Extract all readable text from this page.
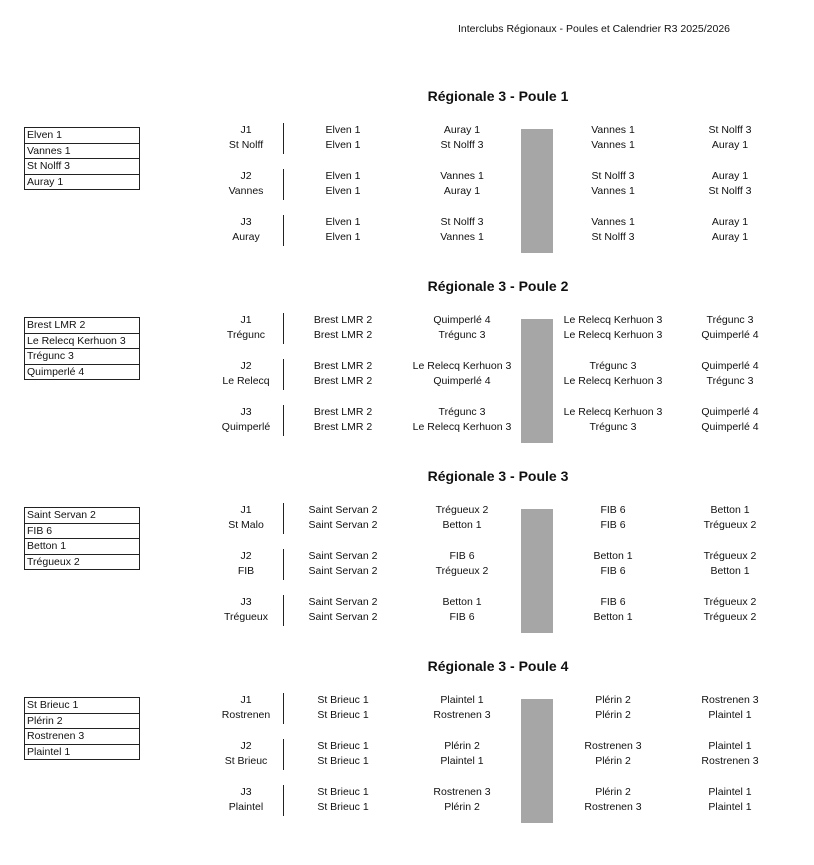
Interclubs Régionaux - Poules et Calendrier R3 2025/2026
Régionale 3 - Poule 1
Elven 1
Vannes 1
St Nolff 3
Auray 1
J1
St Nolff
Elven 1
Elven 1
Auray 1
St Nolff 3
Vannes 1
Vannes 1
St Nolff 3
Auray 1
J2
Vannes
Elven 1
Elven 1
Vannes 1
Auray 1
St Nolff 3
Vannes 1
Auray 1
St Nolff 3
J3
Auray
Elven 1
Elven 1
St Nolff 3
Vannes 1
Vannes 1
St Nolff 3
Auray 1
Auray 1
Régionale 3 - Poule 2
Brest LMR 2
Le Relecq Kerhuon 3
Trégunc 3
Quimperlé 4
J1
Trégunc
Brest LMR 2
Brest LMR 2
Quimperlé 4
Trégunc 3
Le Relecq Kerhuon 3
Le Relecq Kerhuon 3
Trégunc 3
Quimperlé 4
J2
Le Relecq
Brest LMR 2
Brest LMR 2
Le Relecq Kerhuon 3
Quimperlé 4
Trégunc 3
Le Relecq Kerhuon 3
Quimperlé 4
Trégunc 3
J3
Quimperlé
Brest LMR 2
Brest LMR 2
Trégunc 3
Le Relecq Kerhuon 3
Le Relecq Kerhuon 3
Trégunc 3
Quimperlé 4
Quimperlé 4
Régionale 3 - Poule 3
Saint Servan 2
FIB 6
Betton 1
Trégueux 2
J1
St Malo
Saint Servan 2
Saint Servan 2
Trégueux 2
Betton 1
FIB 6
FIB 6
Betton 1
Trégueux 2
J2
FIB
Saint Servan 2
Saint Servan 2
FIB 6
Trégueux 2
Betton 1
FIB 6
Trégueux 2
Betton 1
J3
Trégueux
Saint Servan 2
Saint Servan 2
Betton 1
FIB 6
FIB 6
Betton 1
Trégueux 2
Trégueux 2
Régionale 3 - Poule 4
St Brieuc 1
Plérin 2
Rostrenen 3
Plaintel 1
J1
Rostrenen
St Brieuc 1
St Brieuc 1
Plaintel 1
Rostrenen 3
Plérin 2
Plérin 2
Rostrenen 3
Plaintel 1
J2
St Brieuc
St Brieuc 1
St Brieuc 1
Plérin 2
Plaintel 1
Rostrenen 3
Plérin 2
Plaintel 1
Rostrenen 3
J3
Plaintel
St Brieuc 1
St Brieuc 1
Rostrenen 3
Plérin 2
Plérin 2
Rostrenen 3
Plaintel 1
Plaintel 1
